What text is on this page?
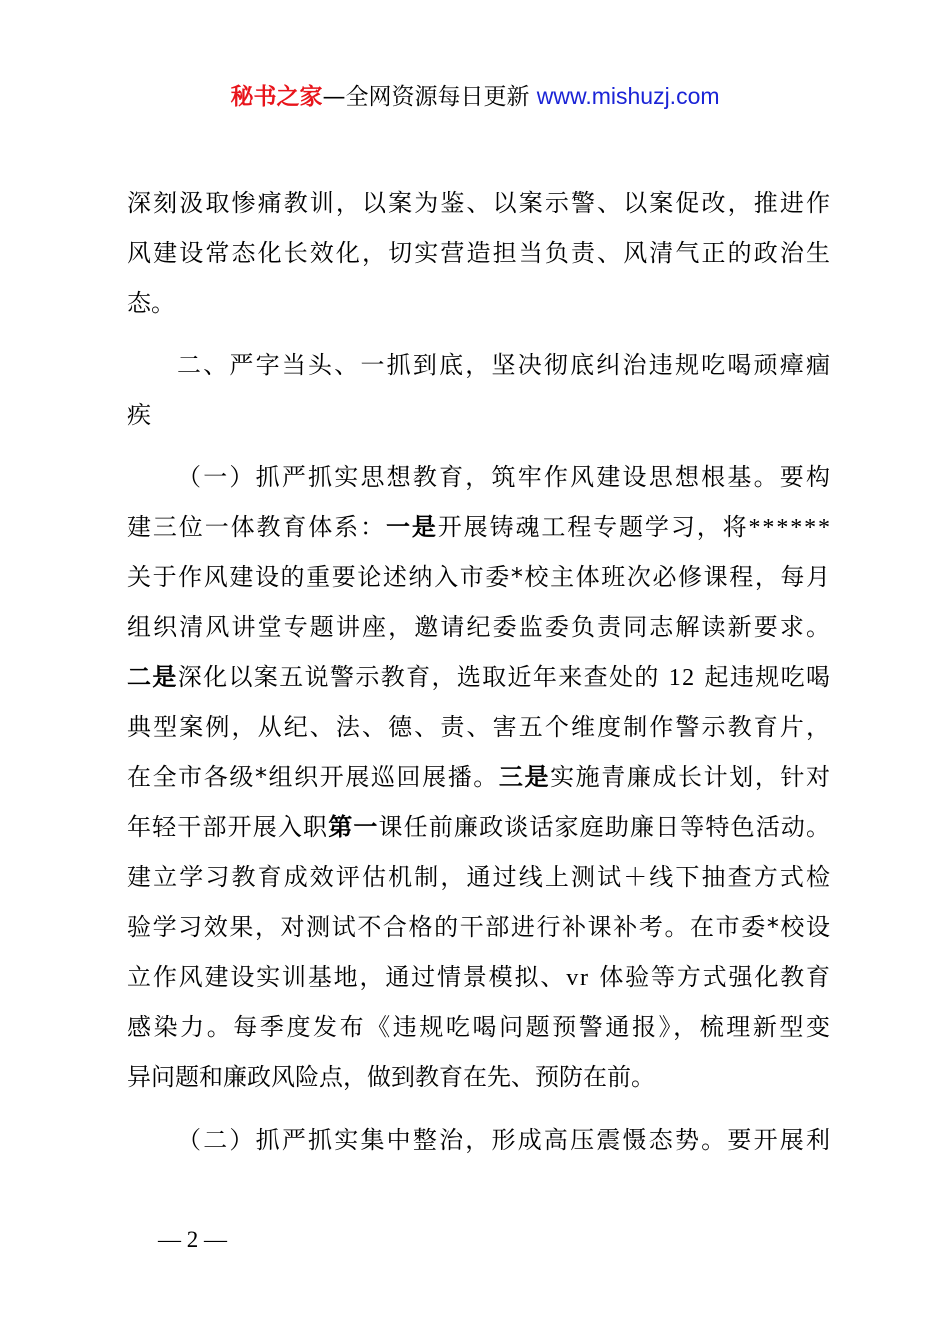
秘书之家—全网资源每日更新 www.mishuzj.com
深刻汲取惨痛教训，以案为鉴、以案示警、以案促改，推进作
风建设常态化长效化，切实营造担当负责、风清气正的政治生
态。
二、严字当头、一抓到底，坚决彻底纠治违规吃喝顽瘴痼
疾
（一）抓严抓实思想教育，筑牢作风建设思想根基。要构
建三位一体教育体系：一是开展铸魂工程专题学习，将******
关于作风建设的重要论述纳入市委*校主体班次必修课程，每月
组织清风讲堂专题讲座，邀请纪委监委负责同志解读新要求。
二是深化以案五说警示教育，选取近年来查处的 12 起违规吃喝
典型案例，从纪、法、德、责、害五个维度制作警示教育片，
在全市各级*组织开展巡回展播。三是实施青廉成长计划，针对
年轻干部开展入职第一课任前廉政谈话家庭助廉日等特色活动。
建立学习教育成效评估机制，通过线上测试＋线下抽查方式检
验学习效果，对测试不合格的干部进行补课补考。在市委*校设
立作风建设实训基地，通过情景模拟、vr 体验等方式强化教育
感染力。每季度发布《违规吃喝问题预警通报》，梳理新型变
异问题和廉政风险点，做到教育在先、预防在前。
（二）抓严抓实集中整治，形成高压震慑态势。要开展利
— 2 —
